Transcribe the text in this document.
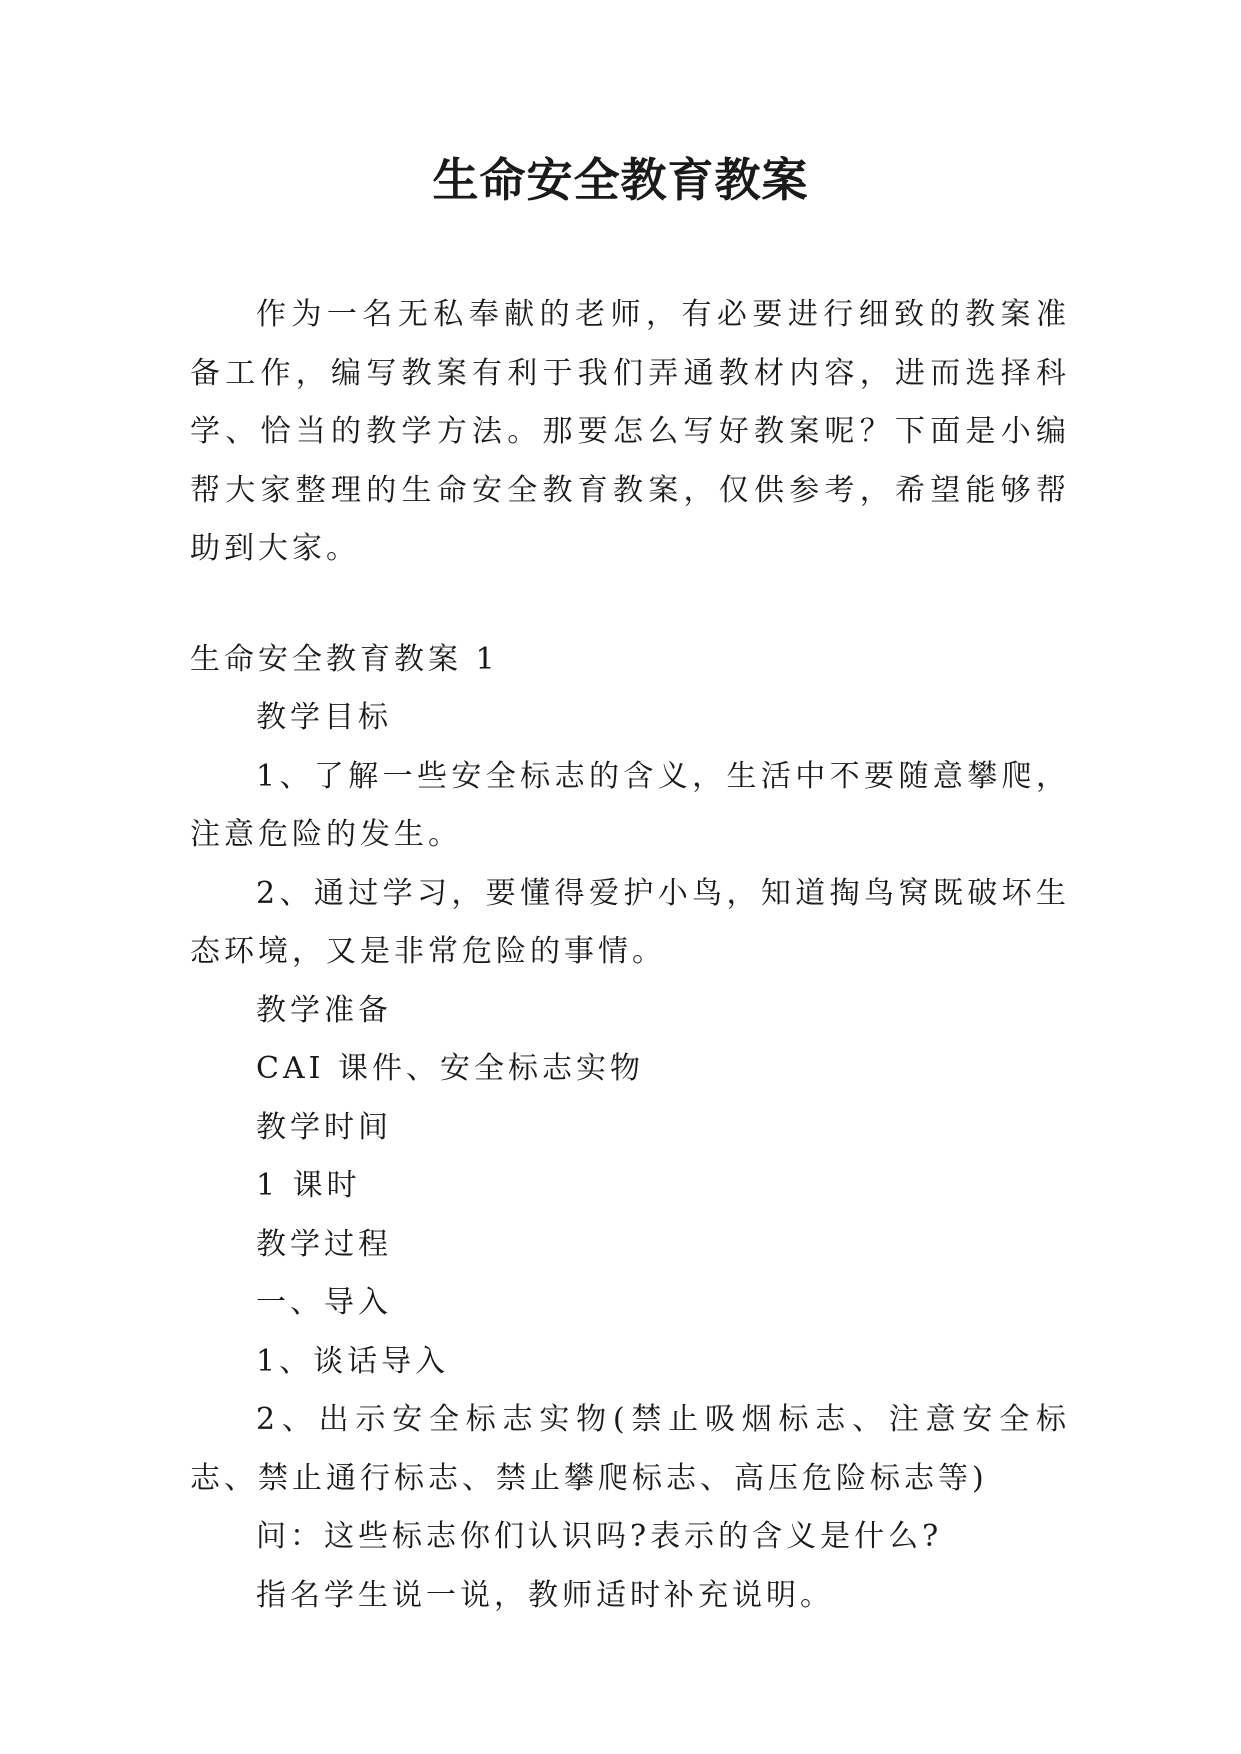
生命安全教育教案

作为一名无私奉献的老师，有必要进行细致的教案准备工作，编写教案有利于我们弄通教材内容，进而选择科学、恰当的教学方法。那要怎么写好教案呢？下面是小编帮大家整理的生命安全教育教案，仅供参考，希望能够帮助到大家。

生命安全教育教案 1

教学目标

1、了解一些安全标志的含义，生活中不要随意攀爬，注意危险的发生。

2、通过学习，要懂得爱护小鸟，知道掏鸟窝既破坏生态环境，又是非常危险的事情。

教学准备

CAI 课件、安全标志实物

教学时间

1 课时

教学过程

一、导入

1、谈话导入

2、出示安全标志实物(禁止吸烟标志、注意安全标志、禁止通行标志、禁止攀爬标志、高压危险标志等)

问：这些标志你们认识吗?表示的含义是什么?

指名学生说一说，教师适时补充说明。
